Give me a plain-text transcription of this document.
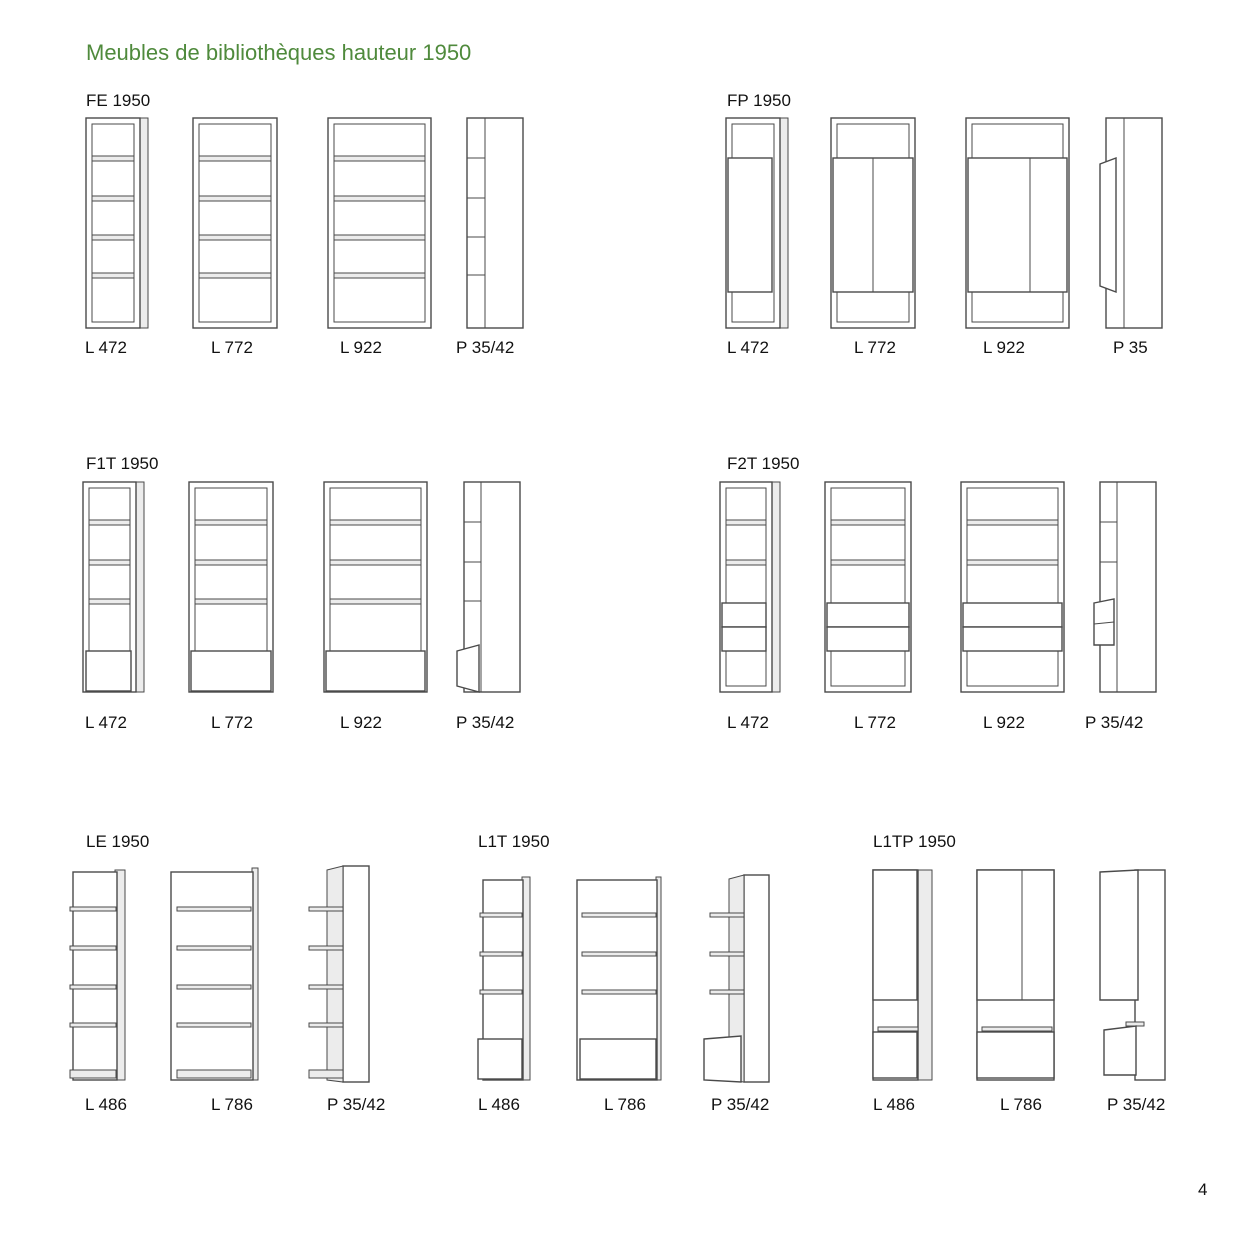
Meubles de bibliothèques hauteur 1950
FE 1950	FP 1950
F1T 1950	F2T 1950
LE 1950	L1T 1950	L1TP 1950
L 472	L 772	L 922	P 35/42	L 472	L 772	L 922	P 35
L 472	L 772	L 922	P 35/42	L 472	L 772	L 922	P 35/42
L 486	L 786	P 35/42	L 486	L 786	P 35/42	L 486	L 786	P 35/42
4
